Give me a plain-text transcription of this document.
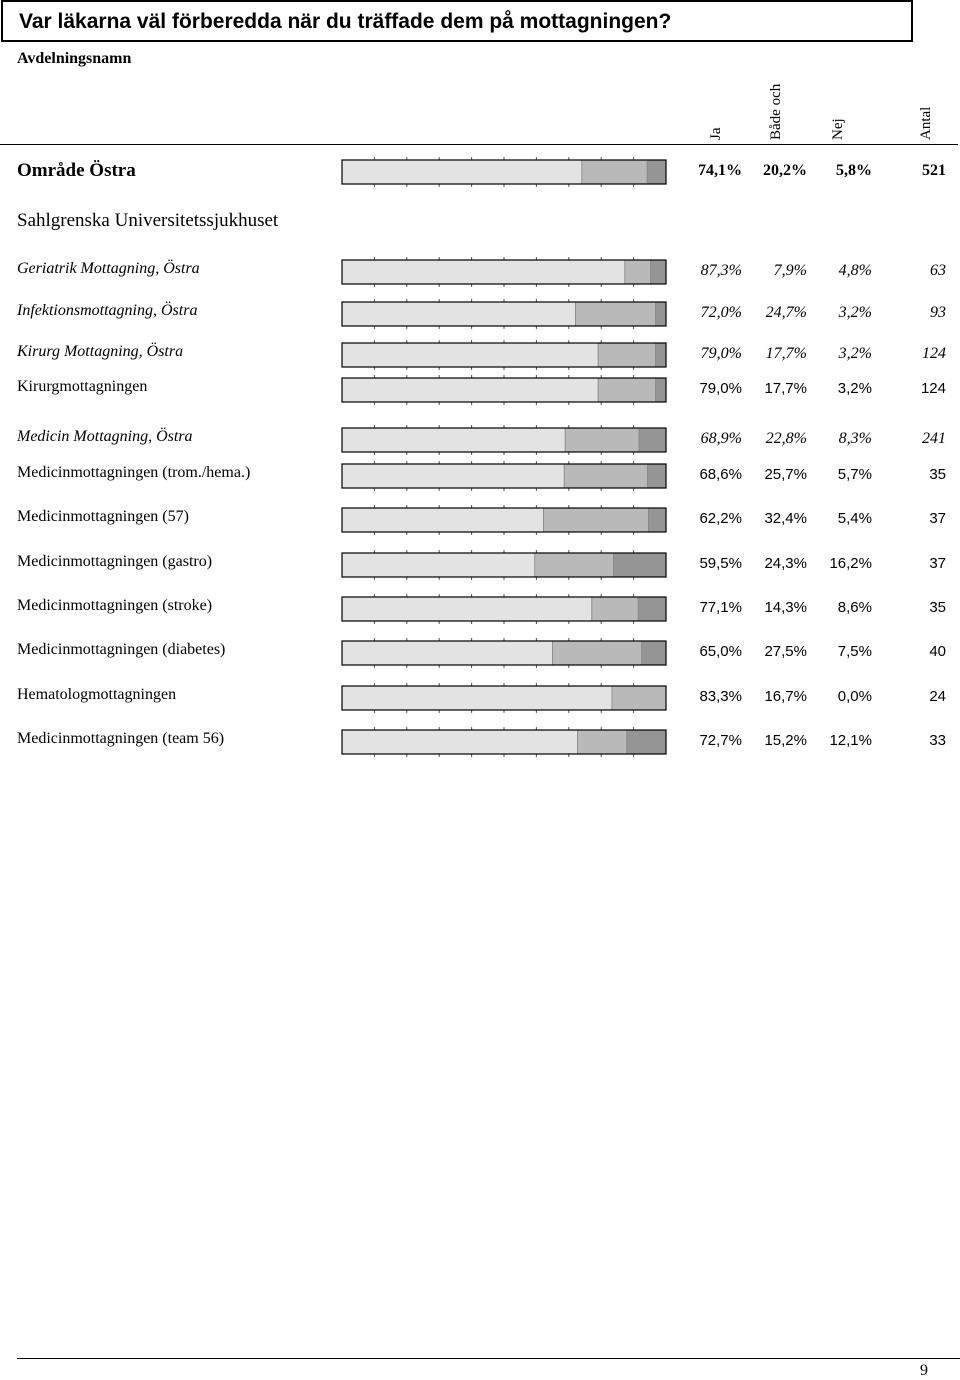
Var läkarna väl förberedda när du träffade dem på mottagningen?
Avdelningsnamn
Ja	Både och	Nej	Antal
Område Östra	74,1% 20,2% 5,8%	521
Sahlgrenska Universitetssjukhuset
Geriatrik Mottagning, Östra	87,3% 7,9% 4,8%	63
Infektionsmottagning, Östra	72,0% 24,7% 3,2%	93
Kirurg Mottagning, Östra	79,0% 17,7% 3,2%	124
Kirurgmottagningen	79,0% 17,7% 3,2%	124
Medicin Mottagning, Östra	68,9% 22,8% 8,3%	241
Medicinmottagningen (trom./hema.)	68,6% 25,7% 5,7%	35
Medicinmottagningen (57)	62,2% 32,4% 5,4%	37
Medicinmottagningen (gastro)	59,5% 24,3% 16,2%	37
Medicinmottagningen (stroke)	77,1% 14,3% 8,6%	35
Medicinmottagningen (diabetes)	65,0% 27,5% 7,5%	40
Hematologmottagningen	83,3% 16,7% 0,0%	24
Medicinmottagningen (team 56)	72,7% 15,2% 12,1%	33
9
